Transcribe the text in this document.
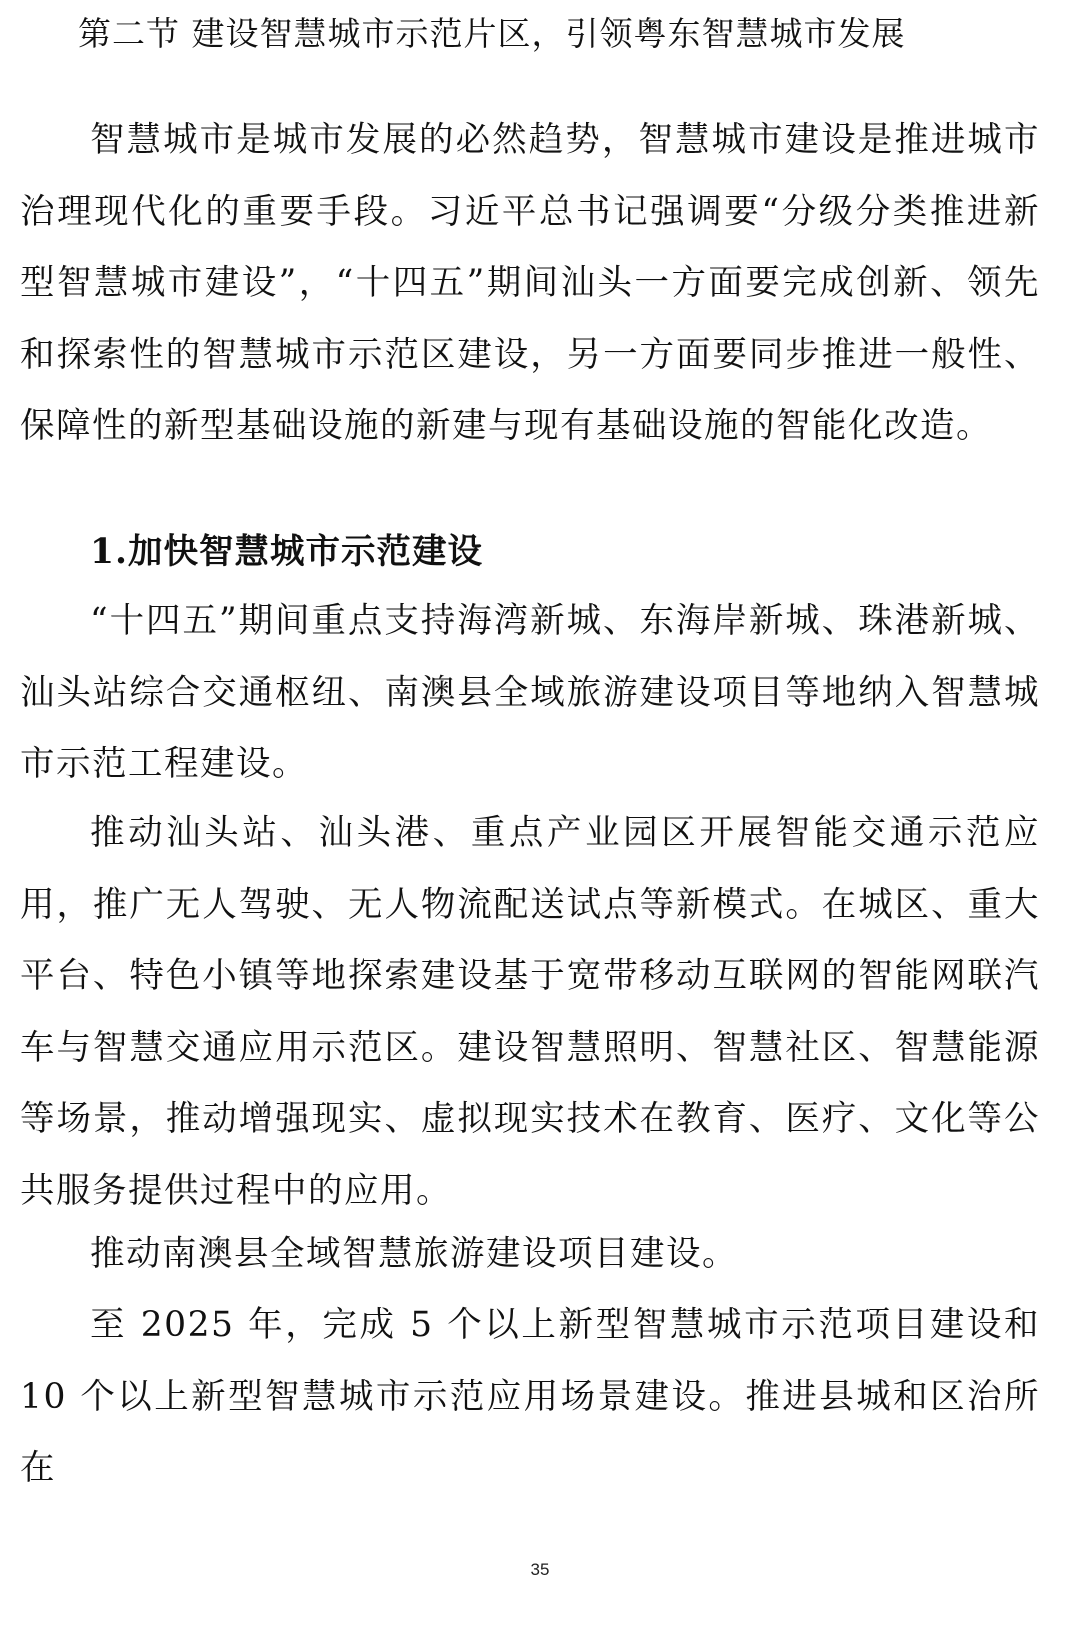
第二节 建设智慧城市示范片区，引领粤东智慧城市发展

智慧城市是城市发展的必然趋势，智慧城市建设是推进城市治理现代化的重要手段。习近平总书记强调要“分级分类推进新型智慧城市建设”，“十四五”期间汕头一方面要完成创新、领先和探索性的智慧城市示范区建设，另一方面要同步推进一般性、保障性的新型基础设施的新建与现有基础设施的智能化改造。

1.加快智慧城市示范建设

“十四五”期间重点支持海湾新城、东海岸新城、珠港新城、汕头站综合交通枢纽、南澳县全域旅游建设项目等地纳入智慧城市示范工程建设。

推动汕头站、汕头港、重点产业园区开展智能交通示范应用，推广无人驾驶、无人物流配送试点等新模式。在城区、重大平台、特色小镇等地探索建设基于宽带移动互联网的智能网联汽车与智慧交通应用示范区。建设智慧照明、智慧社区、智慧能源等场景，推动增强现实、虚拟现实技术在教育、医疗、文化等公共服务提供过程中的应用。

推动南澳县全域智慧旅游建设项目建设。

至 2025 年，完成 5 个以上新型智慧城市示范项目建设和 10 个以上新型智慧城市示范应用场景建设。推进县城和区治所在

35
